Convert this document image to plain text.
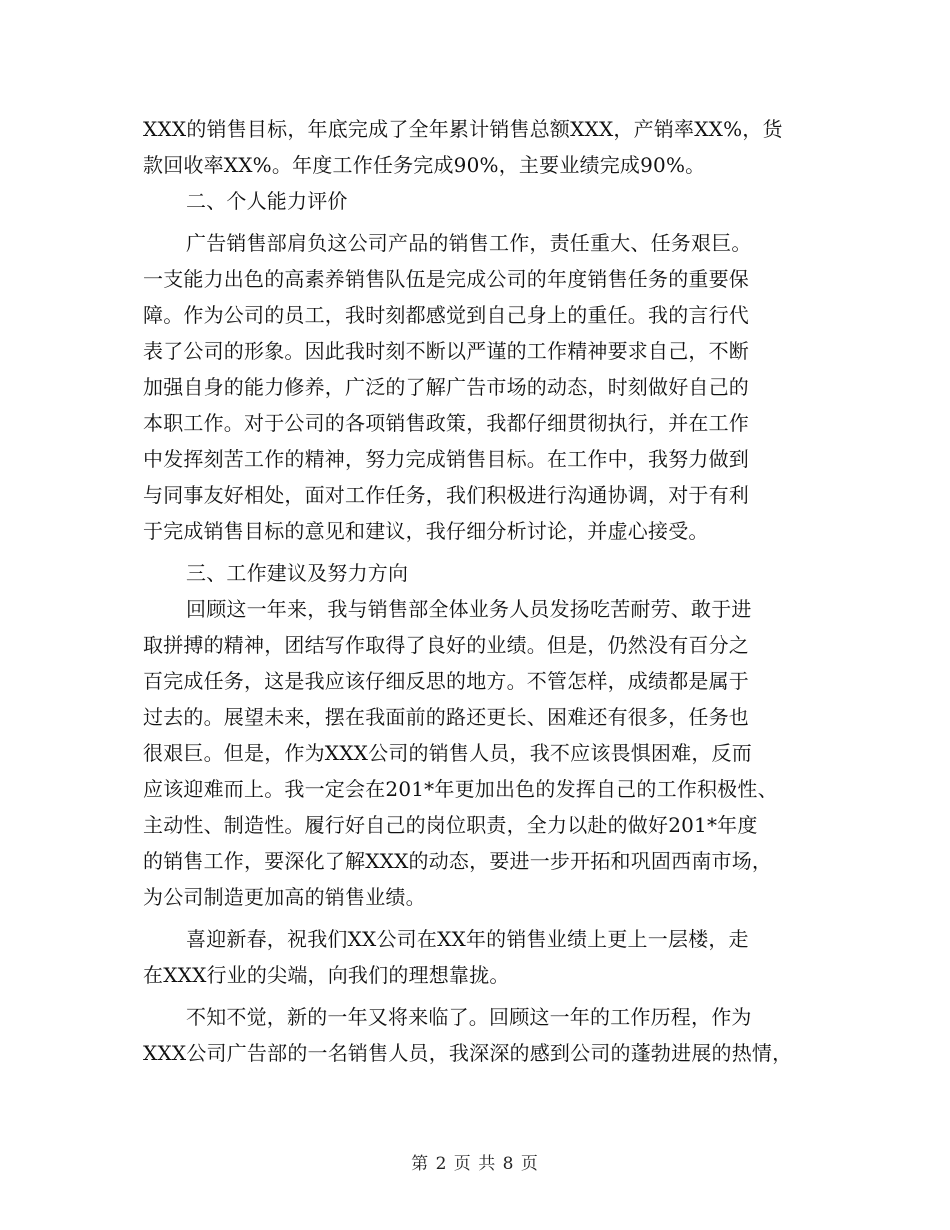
XXX的销售目标，年底完成了全年累计销售总额XXX，产销率XX%，货
款回收率XX%。年度工作任务完成90%，主要业绩完成90%。
二、个人能力评价
广告销售部肩负这公司产品的销售工作，责任重大、任务艰巨。
一支能力出色的高素养销售队伍是完成公司的年度销售任务的重要保
障。作为公司的员工，我时刻都感觉到自己身上的重任。我的言行代
表了公司的形象。因此我时刻不断以严谨的工作精神要求自己，不断
加强自身的能力修养，广泛的了解广告市场的动态，时刻做好自己的
本职工作。对于公司的各项销售政策，我都仔细贯彻执行，并在工作
中发挥刻苦工作的精神，努力完成销售目标。在工作中，我努力做到
与同事友好相处，面对工作任务，我们积极进行沟通协调，对于有利
于完成销售目标的意见和建议，我仔细分析讨论，并虚心接受。
三、工作建议及努力方向
回顾这一年来，我与销售部全体业务人员发扬吃苦耐劳、敢于进
取拼搏的精神，团结写作取得了良好的业绩。但是，仍然没有百分之
百完成任务，这是我应该仔细反思的地方。不管怎样，成绩都是属于
过去的。展望未来，摆在我面前的路还更长、困难还有很多，任务也
很艰巨。但是，作为XXX公司的销售人员，我不应该畏惧困难，反而
应该迎难而上。我一定会在201*年更加出色的发挥自己的工作积极性、
主动性、制造性。履行好自己的岗位职责，全力以赴的做好201*年度
的销售工作，要深化了解XXX的动态，要进一步开拓和巩固西南市场，
为公司制造更加高的销售业绩。
喜迎新春，祝我们XX公司在XX年的销售业绩上更上一层楼，走
在XXX行业的尖端，向我们的理想靠拢。
不知不觉，新的一年又将来临了。回顾这一年的工作历程，作为
XXX公司广告部的一名销售人员，我深深的感到公司的蓬勃进展的热情，
第 2 页 共 8 页
